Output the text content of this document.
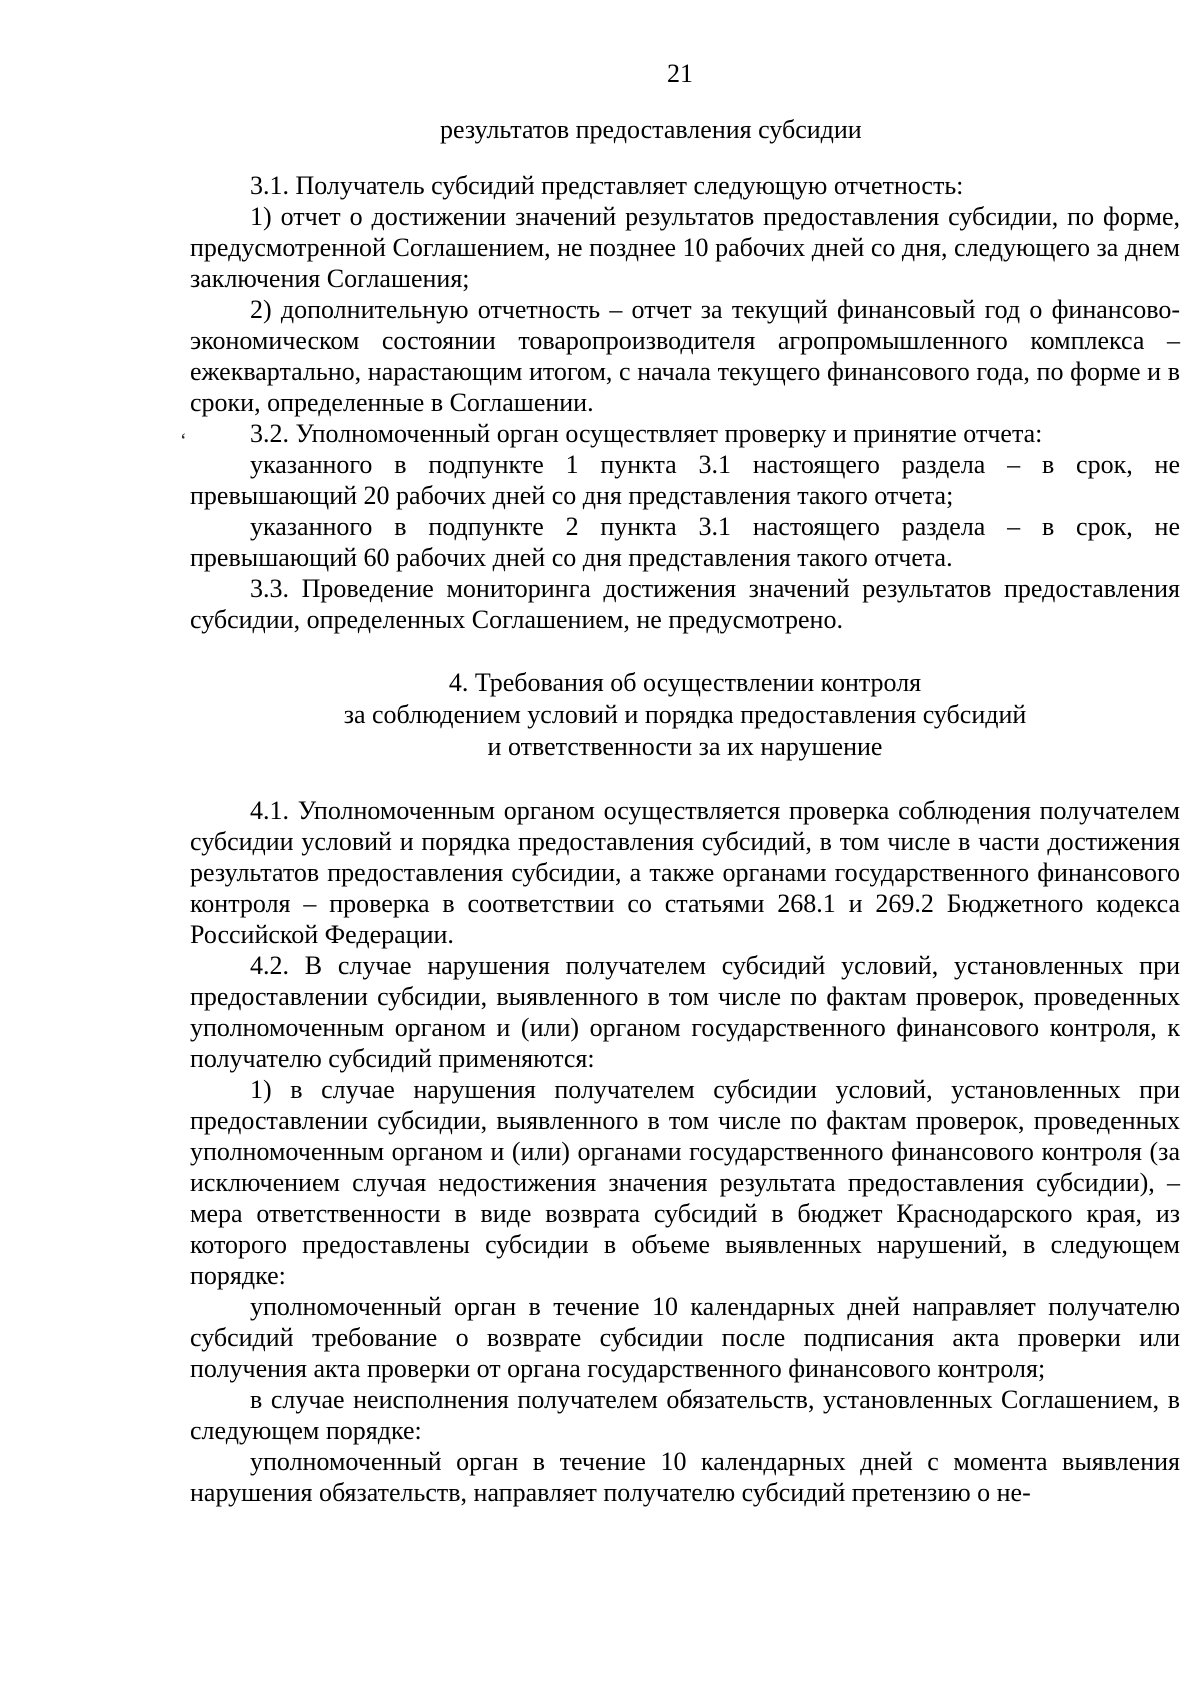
21
результатов предоставления субсидии
ʻ

3.1. Получатель субсидий представляет следующую отчетность:

1) отчет о достижении значений результатов предоставления субсидии, по форме, предусмотренной Соглашением, не позднее 10 рабочих дней со дня, следующего за днем заключения Соглашения;

2) дополнительную отчетность – отчет за текущий финансовый год о финансово-экономическом состоянии товаропроизводителя агропромышленного комплекса – ежеквартально, нарастающим итогом, с начала текущего финансового года, по форме и в сроки, определенные в Соглашении.

3.2. Уполномоченный орган осуществляет проверку и принятие отчета:

указанного в подпункте 1 пункта 3.1 настоящего раздела – в срок, не превышающий 20 рабочих дней со дня представления такого отчета;

указанного в подпункте 2 пункта 3.1 настоящего раздела – в срок, не превышающий 60 рабочих дней со дня представления такого отчета.

3.3. Проведение мониторинга достижения значений результатов предоставления субсидии, определенных Соглашением, не предусмотрено.

4. Требования об осуществлении контроля
за соблюдением условий и порядка предоставления субсидий
и ответственности за их нарушение

4.1. Уполномоченным органом осуществляется проверка соблюдения получателем субсидии условий и порядка предоставления субсидий, в том числе в части достижения результатов предоставления субсидии, а также органами государственного финансового контроля – проверка в соответствии со статьями 268.1 и 269.2 Бюджетного кодекса Российской Федерации.

4.2. В случае нарушения получателем субсидий условий, установленных при предоставлении субсидии, выявленного в том числе по фактам проверок, проведенных уполномоченным органом и (или) органом государственного финансового контроля, к получателю субсидий применяются:

1) в случае нарушения получателем субсидии условий, установленных при предоставлении субсидии, выявленного в том числе по фактам проверок, проведенных уполномоченным органом и (или) органами государственного финансового контроля (за исключением случая недостижения значения результата предоставления субсидии), – мера ответственности в виде возврата субсидий в бюджет Краснодарского края, из которого предоставлены субсидии в объеме выявленных нарушений, в следующем порядке:

уполномоченный орган в течение 10 календарных дней направляет получателю субсидий требование о возврате субсидии после подписания акта проверки или получения акта проверки от органа государственного финансового контроля;

в случае неисполнения получателем обязательств, установленных Соглашением, в следующем порядке:

уполномоченный орган в течение 10 календарных дней с момента выявления нарушения обязательств, направляет получателю субсидий претензию о не-
